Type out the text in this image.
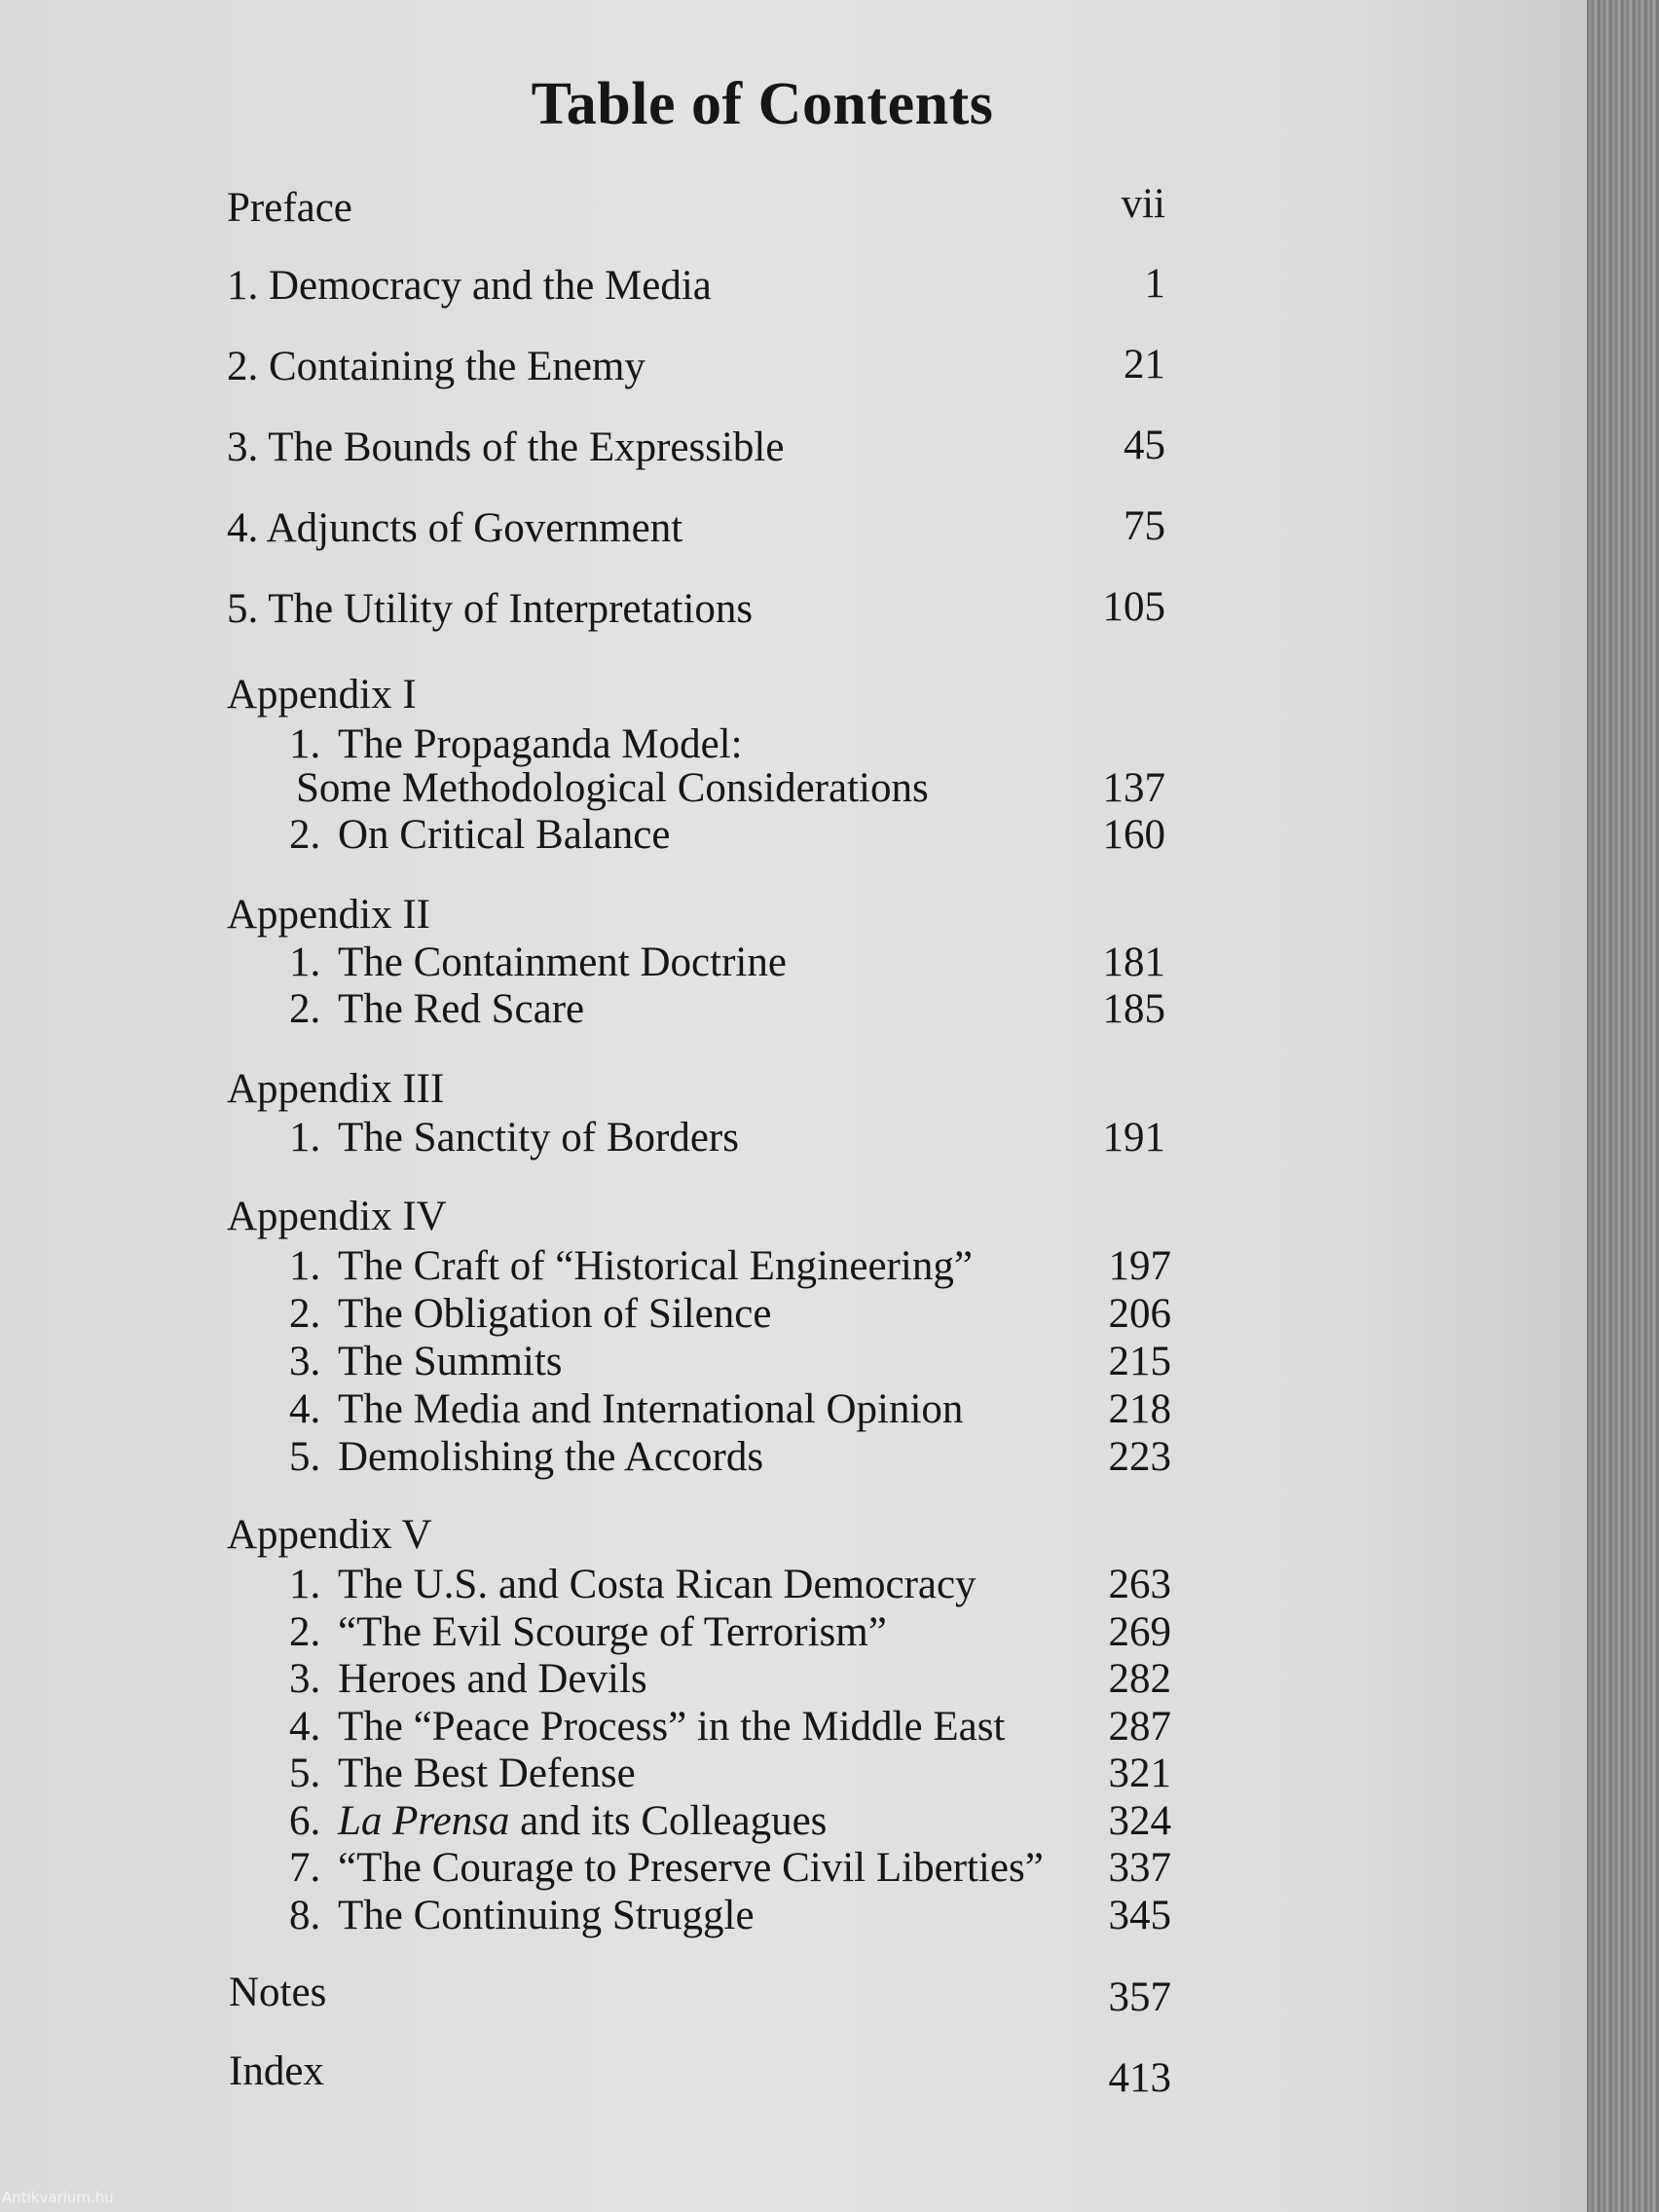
Table of Contents
Preface	vii
1. Democracy and the Media	1
2. Containing the Enemy	21
3. The Bounds of the Expressible	45
4. Adjuncts of Government	75
5. The Utility of Interpretations	105
Appendix I
1. The Propaganda Model:
Some Methodological Considerations	137
2. On Critical Balance	160
Appendix II
1. The Containment Doctrine	181
2. The Red Scare	185
Appendix III
1. The Sanctity of Borders	191
Appendix IV
1. The Craft of “Historical Engineering”	197
2. The Obligation of Silence	206
3. The Summits	215
4. The Media and International Opinion	218
5. Demolishing the Accords	223
Appendix V
1. The U.S. and Costa Rican Democracy	263
2. “The Evil Scourge of Terrorism”	269
3. Heroes and Devils	282
4. The “Peace Process” in the Middle East	287
5. The Best Defense	321
6. La Prensa and its Colleagues	324
7. “The Courage to Preserve Civil Liberties”	337
8. The Continuing Struggle	345
Notes	357
Index	413
Antikvarium.hu
